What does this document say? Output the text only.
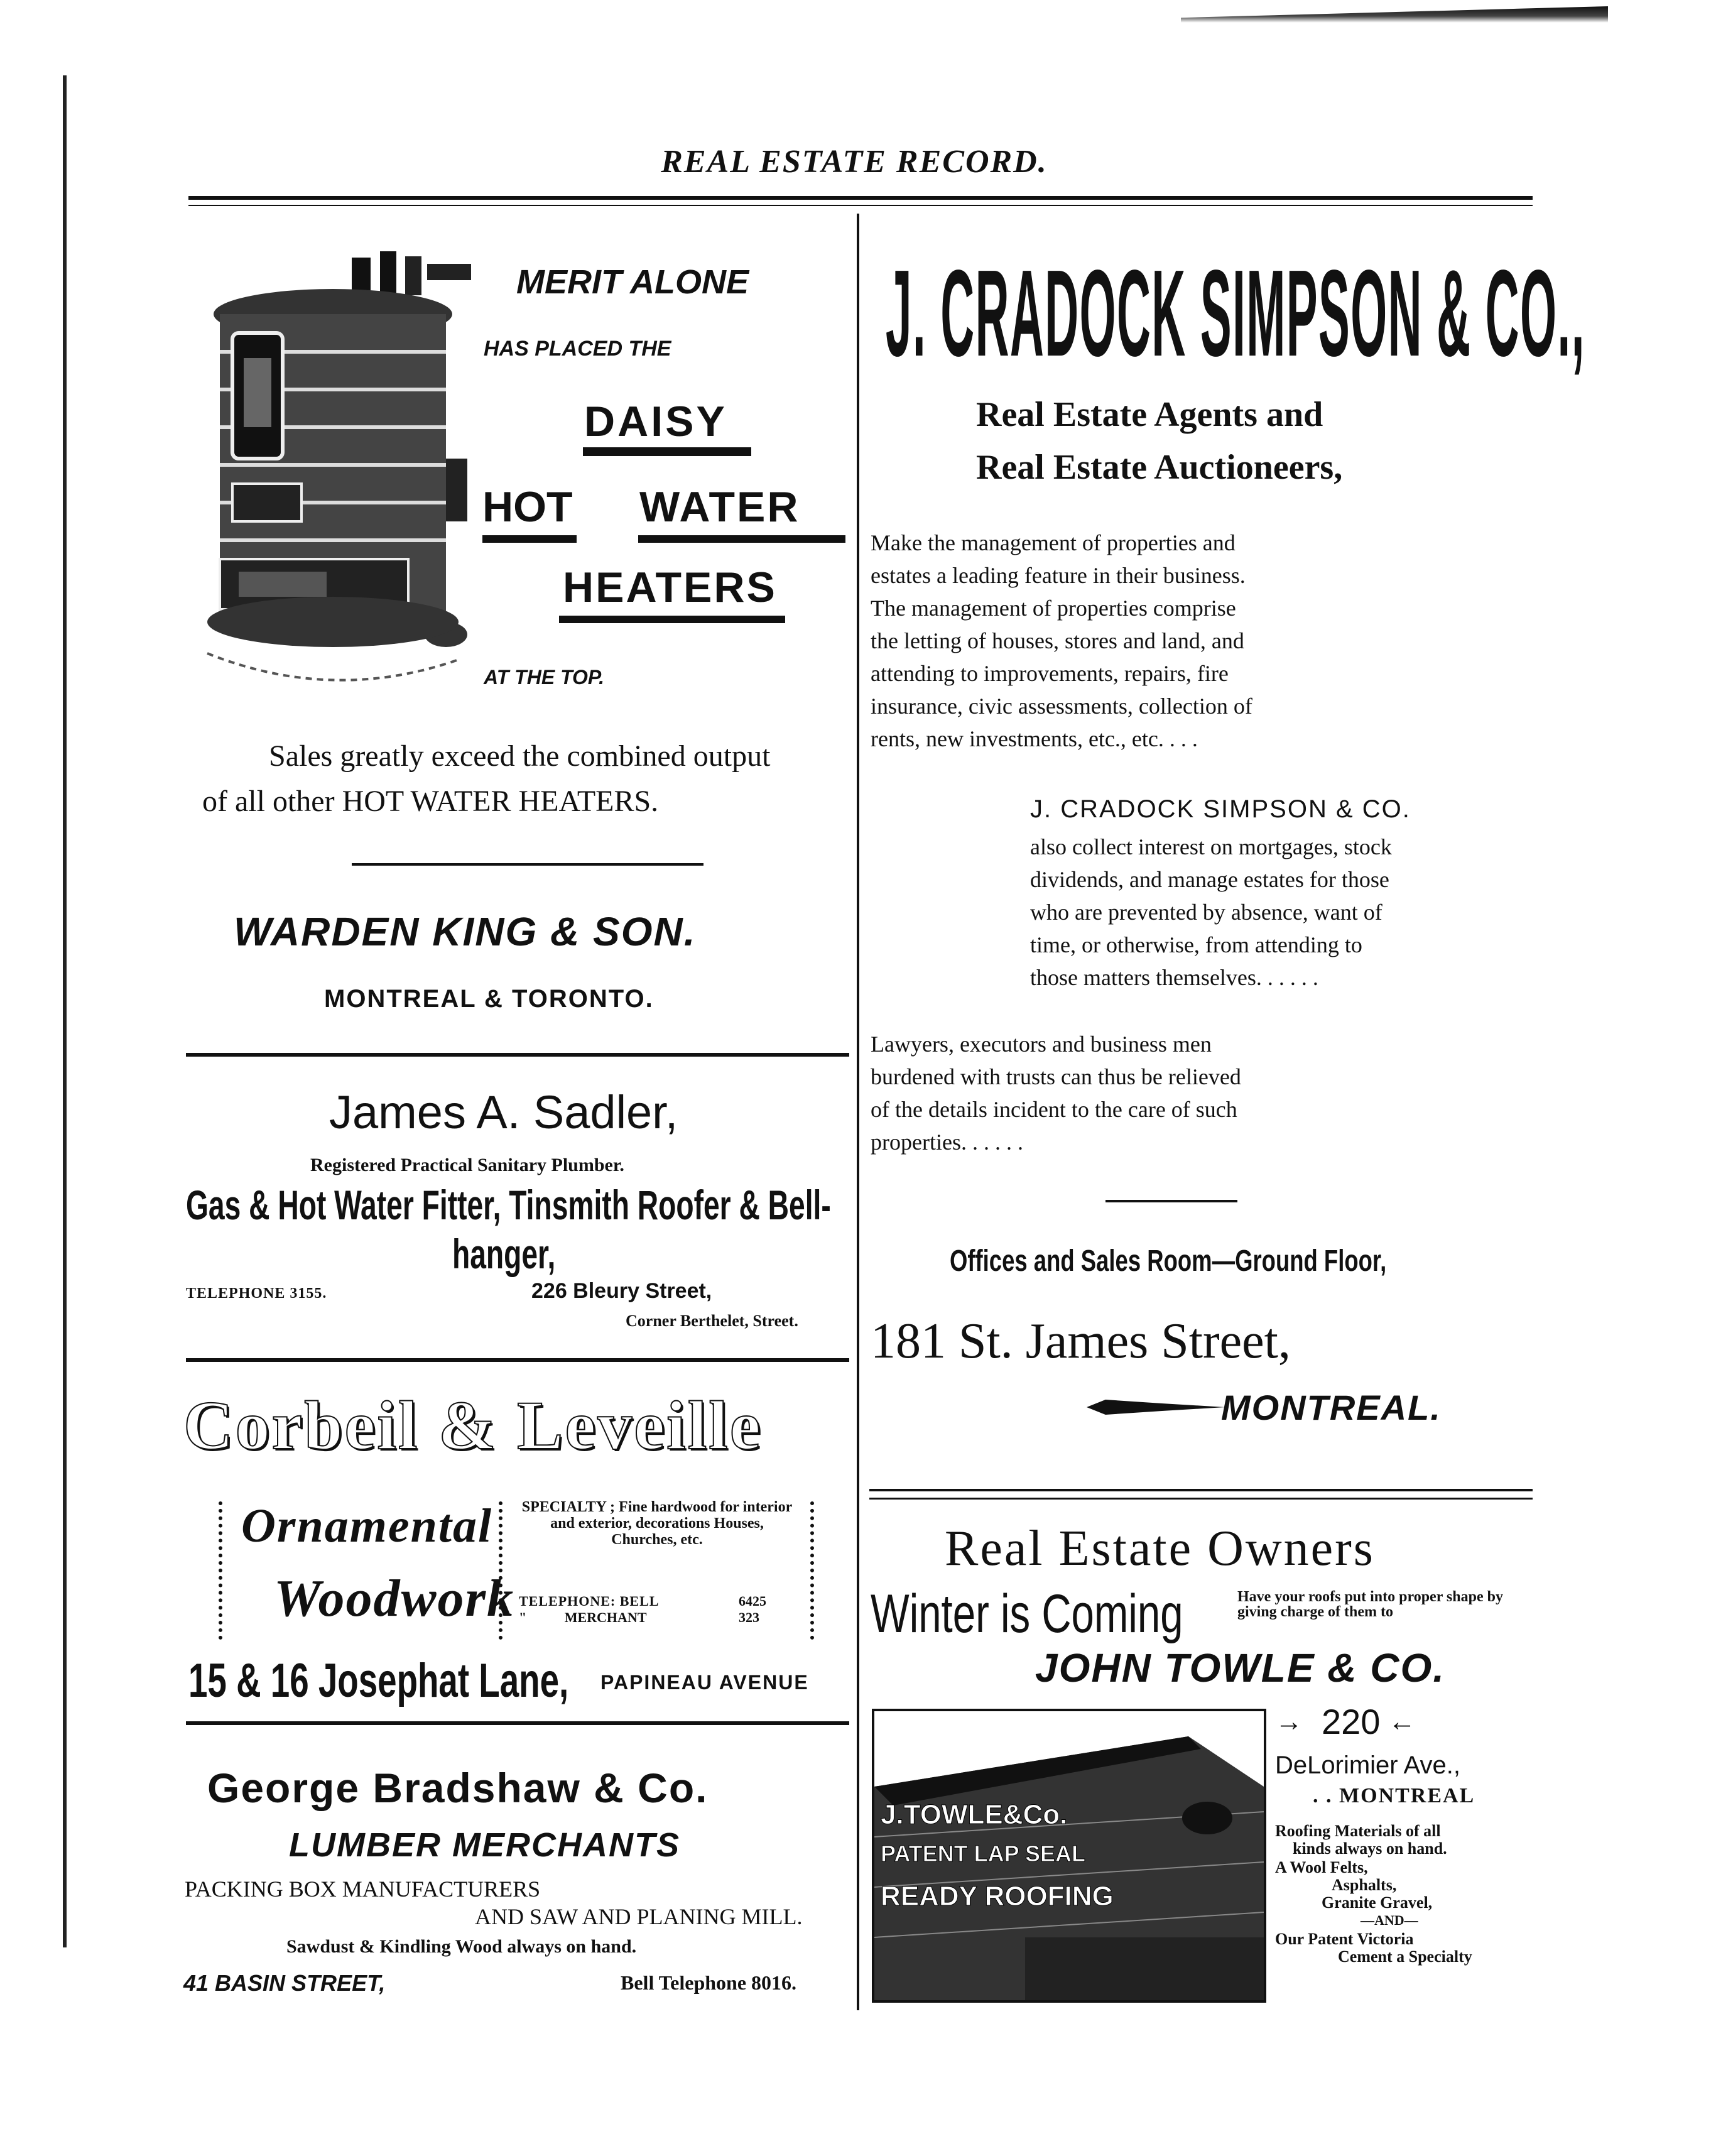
REAL ESTATE RECORD.
MERIT ALONE
HAS PLACED THE
DAISY
HOT WATER
HEATERS
AT THE TOP.
Sales greatly exceed the combined output
of all other HOT WATER HEATERS.
WARDEN KING & SON.
MONTREAL & TORONTO.
James A. Sadler,
Registered Practical Sanitary Plumber.
Gas & Hot Water Fitter, Tinsmith Roofer & Bell-
hanger,
TELEPHONE 3155.	226 Bleury Street,
Corner Berthelet, Street.
Corbeil & Leveille
Ornamental
Woodwork
SPECIALTY ; Fine hardwood for interior and exterior, decorations Houses, Churches, etc.
TELEPHONE: BELL	6425
"           MERCHANT	323
15 & 16 Josephat Lane, PAPINEAU AVENUE
George Bradshaw & Co.
LUMBER MERCHANTS
PACKING BOX MANUFACTURERS
AND SAW AND PLANING MILL.
Sawdust & Kindling Wood always on hand.
41 BASIN STREET,	Bell Telephone 8016.
J. CRADOCK SIMPSON & CO.,
Real Estate Agents and
Real Estate Auctioneers,
Make the management of properties and
estates a leading feature in their business.
The management of properties comprise
the letting of houses, stores and land, and
attending to improvements, repairs, fire
insurance, civic assessments, collection of
rents, new investments, etc., etc. . . .
J. CRADOCK SIMPSON & CO.
also collect interest on mortgages, stock
dividends, and manage estates for those
who are prevented by absence, want of
time, or otherwise, from attending to
those matters themselves. . . . . .
Lawyers, executors and business men
burdened with trusts can thus be relieved
of the details incident to the care of such
properties. . . . . .
Offices and Sales Room—Ground Floor,
181 St. James Street,
MONTREAL.
Real Estate Owners
Winter is Coming	Have your roofs put into proper shape by giving charge of them to
JOHN TOWLE & CO.
J.TOWLE&Co.
PATENT LAP SEAL
READY ROOFING
→ 220 ←
DeLorimier Ave.,
. . MONTREAL
Roofing Materials of all
kinds always on hand.
A Wool Felts,
Asphalts,
Granite Gravel,
—AND—
Our Patent Victoria
Cement a Specialty
